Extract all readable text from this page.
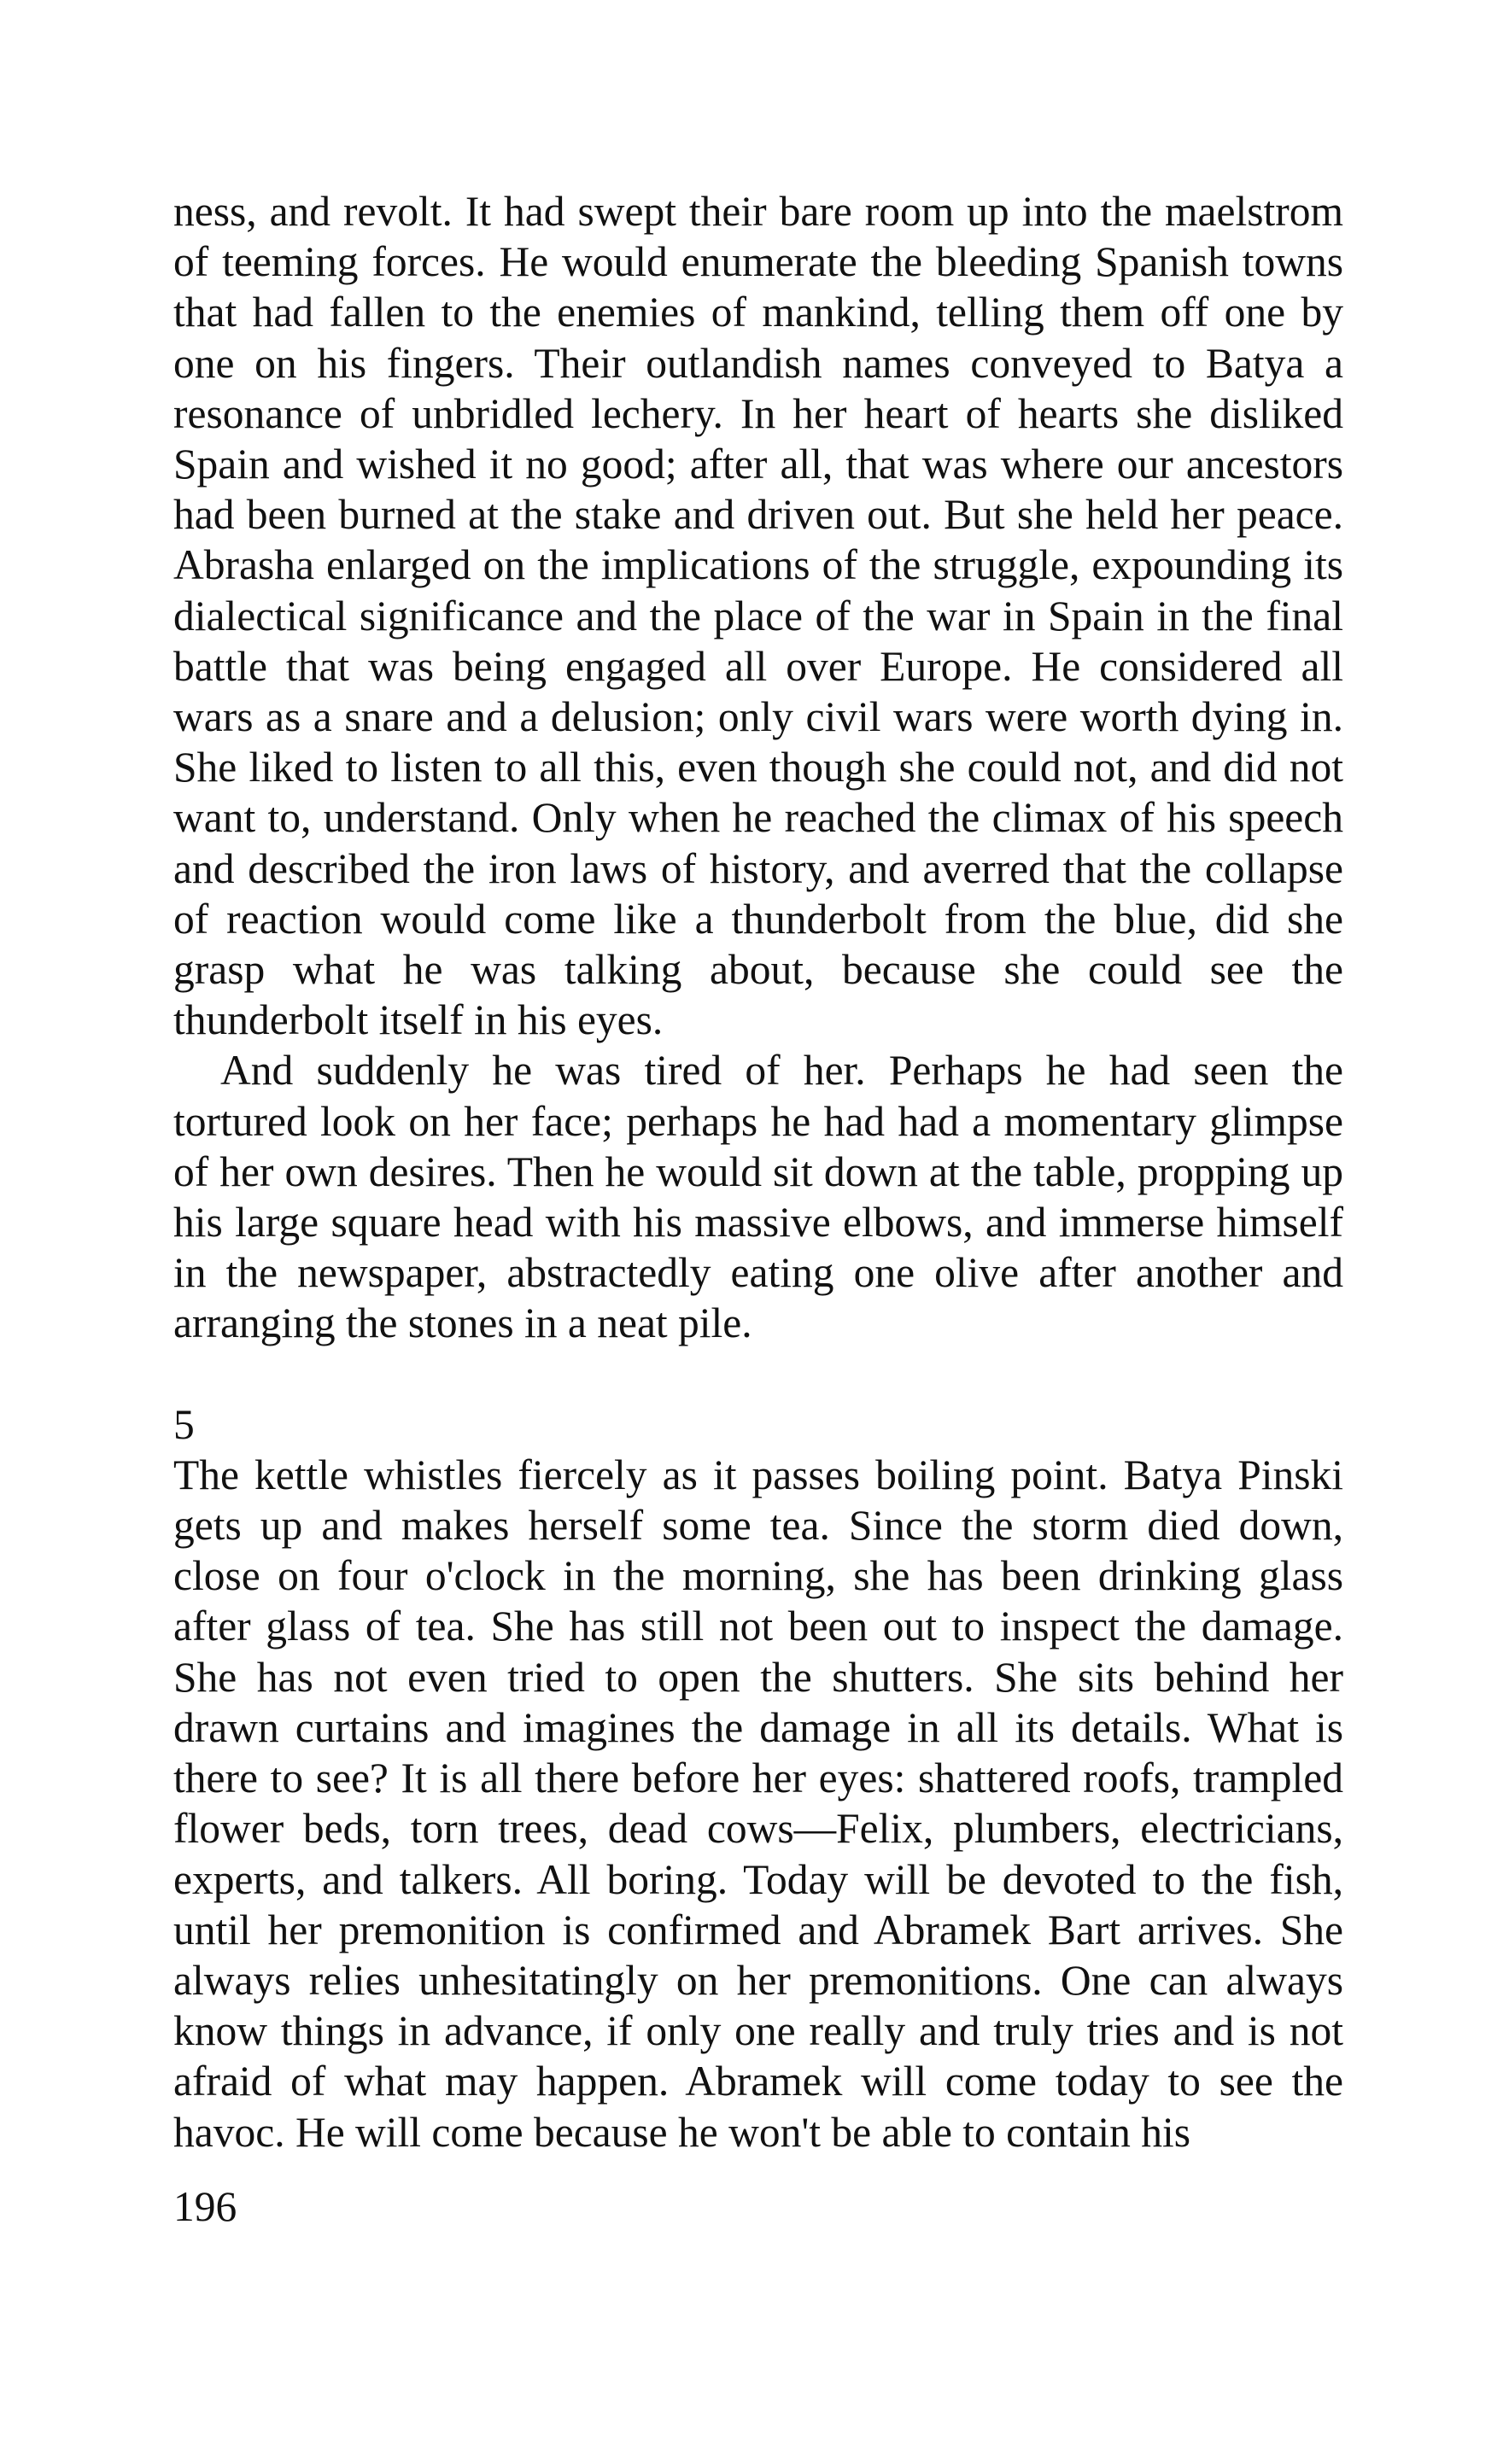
ness, and revolt. It had swept their bare room up into the maelstrom of teeming forces. He would enumerate the bleeding Spanish towns that had fallen to the enemies of mankind, telling them off one by one on his fingers. Their outlandish names conveyed to Batya a resonance of unbridled lechery. In her heart of hearts she disliked Spain and wished it no good; after all, that was where our ancestors had been burned at the stake and driven out. But she held her peace. Abrasha enlarged on the implications of the struggle, expounding its dialectical significance and the place of the war in Spain in the final battle that was being engaged all over Europe. He considered all wars as a snare and a delusion; only civil wars were worth dying in. She liked to listen to all this, even though she could not, and did not want to, understand. Only when he reached the climax of his speech and described the iron laws of history, and averred that the collapse of reaction would come like a thunderbolt from the blue, did she grasp what he was talking about, because she could see the thunderbolt itself in his eyes.

And suddenly he was tired of her. Perhaps he had seen the tortured look on her face; perhaps he had had a momentary glimpse of her own desires. Then he would sit down at the table, propping up his large square head with his massive elbows, and immerse himself in the newspaper, abstractedly eating one olive after another and arranging the stones in a neat pile.

5

The kettle whistles fiercely as it passes boiling point. Batya Pinski gets up and makes herself some tea. Since the storm died down, close on four o'clock in the morning, she has been drinking glass after glass of tea. She has still not been out to inspect the damage. She has not even tried to open the shutters. She sits behind her drawn curtains and imagines the damage in all its details. What is there to see? It is all there before her eyes: shattered roofs, trampled flower beds, torn trees, dead cows—Felix, plumbers, electricians, experts, and talkers. All boring. Today will be devoted to the fish, until her premonition is confirmed and Abramek Bart arrives. She always relies unhesitatingly on her premonitions. One can always know things in advance, if only one really and truly tries and is not afraid of what may happen. Abramek will come today to see the havoc. He will come because he won't be able to contain his

196
